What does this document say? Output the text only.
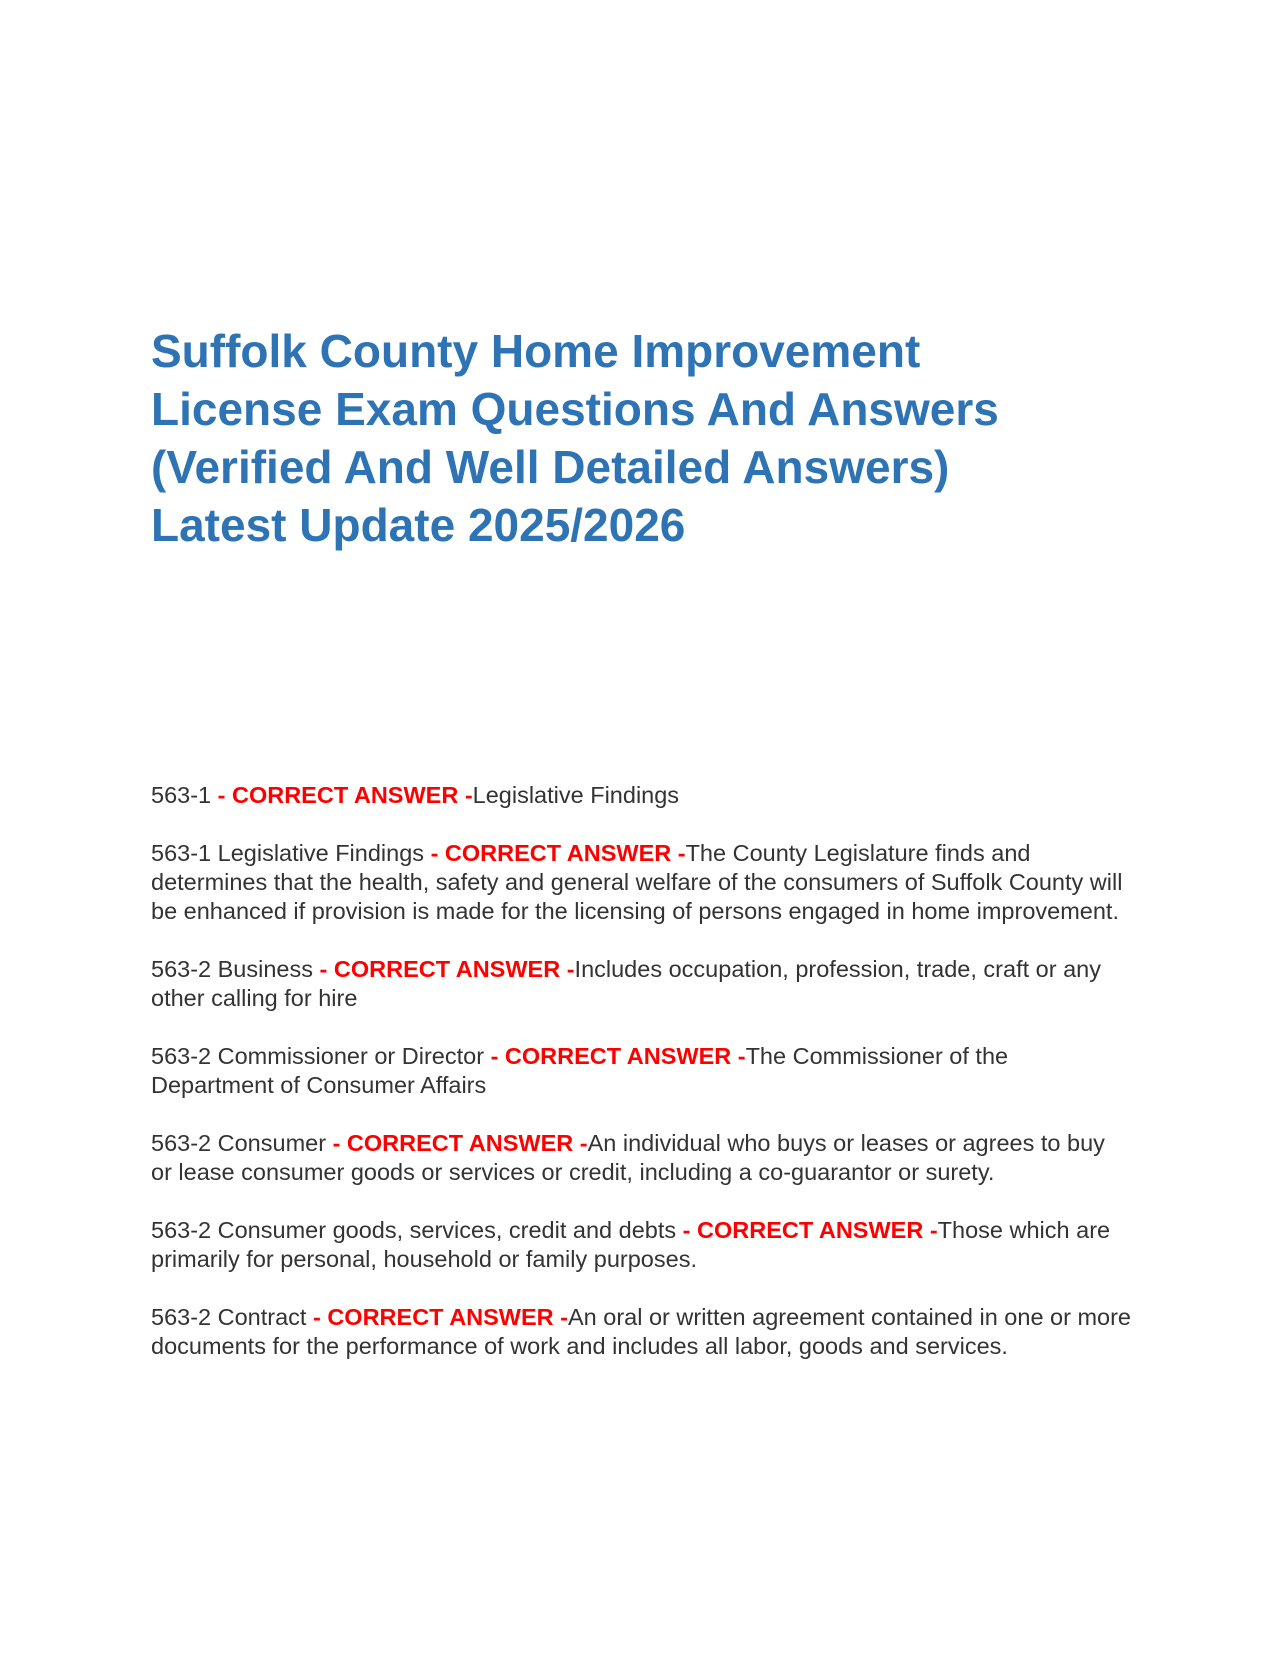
Suffolk County Home Improvement
License Exam Questions And Answers
(Verified And Well Detailed Answers)
Latest Update 2025/2026

563-1 - CORRECT ANSWER -Legislative Findings

563-1 Legislative Findings - CORRECT ANSWER -The County Legislature finds and determines that the health, safety and general welfare of the consumers of Suffolk County will be enhanced if provision is made for the licensing of persons engaged in home improvement.

563-2 Business - CORRECT ANSWER -Includes occupation, profession, trade, craft or any other calling for hire

563-2 Commissioner or Director - CORRECT ANSWER -The Commissioner of the Department of Consumer Affairs

563-2 Consumer - CORRECT ANSWER -An individual who buys or leases or agrees to buy or lease consumer goods or services or credit, including a co-guarantor or surety.

563-2 Consumer goods, services, credit and debts - CORRECT ANSWER -Those which are primarily for personal, household or family purposes.

563-2 Contract - CORRECT ANSWER -An oral or written agreement contained in one or more documents for the performance of work and includes all labor, goods and services.
